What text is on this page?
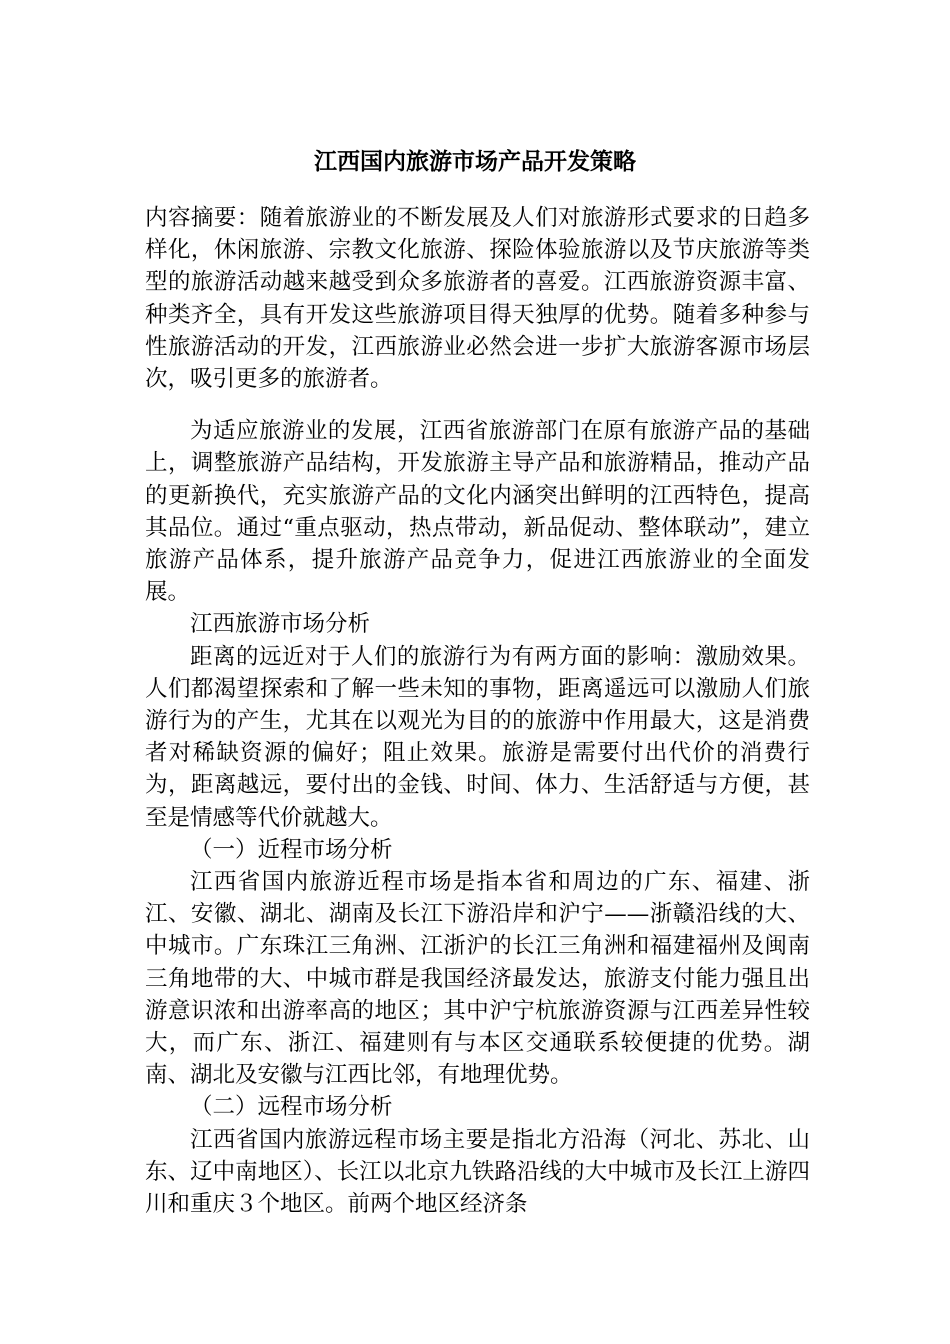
江西国内旅游市场产品开发策略

内容摘要：随着旅游业的不断发展及人们对旅游形式要求的日趋多样化，休闲旅游、宗教文化旅游、探险体验旅游以及节庆旅游等类型的旅游活动越来越受到众多旅游者的喜爱。江西旅游资源丰富、种类齐全，具有开发这些旅游项目得天独厚的优势。随着多种参与性旅游活动的开发，江西旅游业必然会进一步扩大旅游客源市场层次，吸引更多的旅游者。

为适应旅游业的发展，江西省旅游部门在原有旅游产品的基础上，调整旅游产品结构，开发旅游主导产品和旅游精品，推动产品的更新换代，充实旅游产品的文化内涵突出鲜明的江西特色，提高其品位。通过“重点驱动，热点带动，新品促动、整体联动”，建立旅游产品体系，提升旅游产品竞争力，促进江西旅游业的全面发展。

江西旅游市场分析

距离的远近对于人们的旅游行为有两方面的影响：激励效果。人们都渴望探索和了解一些未知的事物，距离遥远可以激励人们旅游行为的产生，尤其在以观光为目的的旅游中作用最大，这是消费者对稀缺资源的偏好；阻止效果。旅游是需要付出代价的消费行为，距离越远，要付出的金钱、时间、体力、生活舒适与方便，甚至是情感等代价就越大。

（一）近程市场分析

江西省国内旅游近程市场是指本省和周边的广东、福建、浙江、安徽、湖北、湖南及长江下游沿岸和沪宁——浙赣沿线的大、中城市。广东珠江三角洲、江浙沪的长江三角洲和福建福州及闽南三角地带的大、中城市群是我国经济最发达，旅游支付能力强且出游意识浓和出游率高的地区；其中沪宁杭旅游资源与江西差异性较大，而广东、浙江、福建则有与本区交通联系较便捷的优势。湖南、湖北及安徽与江西比邻，有地理优势。

（二）远程市场分析

江西省国内旅游远程市场主要是指北方沿海（河北、苏北、山东、辽中南地区）、长江以北京九铁路沿线的大中城市及长江上游四川和重庆３个地区。前两个地区经济条
